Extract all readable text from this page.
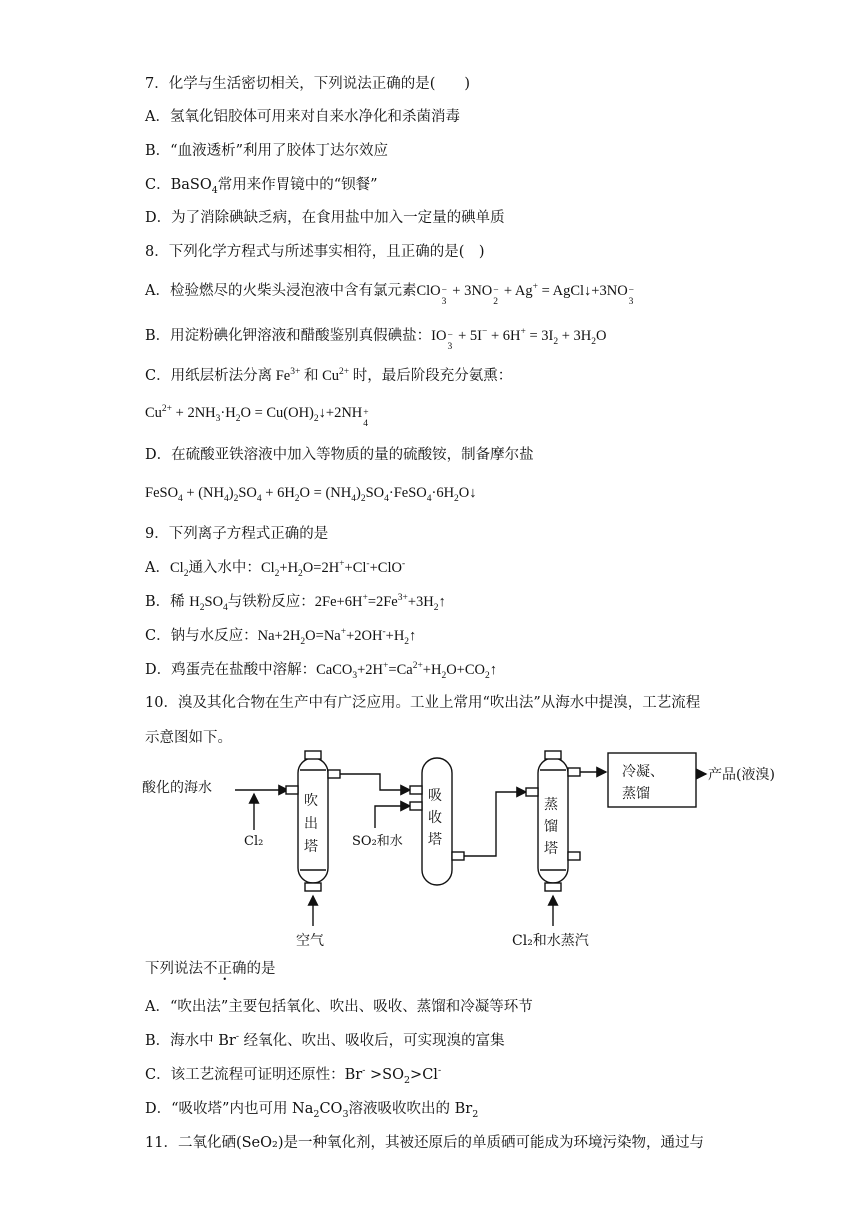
7．化学与生活密切相关，下列说法正确的是(　　)
A．氢氧化铝胶体可用来对自来水净化和杀菌消毒
B．“血液透析”利用了胶体丁达尔效应
C．BaSO$_4$常用来作胃镜中的“钡餐”
D．为了消除碘缺乏病，在食用盐中加入一定量的碘单质
8．下列化学方程式与所述事实相符，且正确的是(　)
A．检验燃尽的火柴头浸泡液中含有氯元素ClO −
3
+ 3NO −
2
+ Ag+ = AgCl↓+3NO −
3
B．用淀粉碘化钾溶液和醋酸鉴别真假碘盐：IO −
3
+ $5I^- + 6H^+ = 3I_2 + 3H_2O$
C．用纸层析法分离 $Fe^{3+}$ 和 $Cu^{2+}$ 时，最后阶段充分氨熏：
$Cu^{2+} + 2NH_3\cdot H_2O$ = $Cu(OH)_2↓+2NH$ +
4
D．在硫酸亚铁溶液中加入等物质的量的硫酸铵，制备摩尔盐
FeSO$_4$ + $(NH_4)_2SO_4 + 6H_2O$ = $(NH_4)_2SO_4\cdot FeSO_4\cdot 6H_2O↓$
9．下列离子方程式正确的是
A．$Cl_2$通入水中：$Cl_2+H_2O=2H^++Cl^-+ClO^-$
B．稀 $H_2SO_4$与铁粉反应：$2Fe+6H^+=2Fe^{3+}+3H_2↑$
C．钠与水反应：$Na+2H_2O=Na^++2OH^-+H_2↑$
D．鸡蛋壳在盐酸中溶解：$CaCO_3+2H^+=Ca^{2+}+H_2O+CO_2↑$
10．溴及其化合物在生产中有广泛应用。工业上常用“吹出法”从海水中提溴，工艺流程
示意图如下。
酸化的海水
Cl₂
吹
出
塔	SO₂和水
吸
收
塔
蒸
馏
塔
冷凝、
蒸馏
产品(液溴)
空气	Cl₂和水蒸汽
下列说法不正确的是
A．“吹出法”主要包括氧化、吹出、吸收、蒸馏和冷凝等环节
B．海水中 Br- 经氧化、吹出、吸收后，可实现溴的富集
C．该工艺流程可证明还原性：$Br^- >SO_2>Cl^-$
D．“吸收塔”内也可用 $Na_2CO_3$溶液吸收吹出的 $Br_2$
11．二氧化硒(SeO₂)是一种氧化剂，其被还原后的单质硒可能成为环境污染物，通过与
